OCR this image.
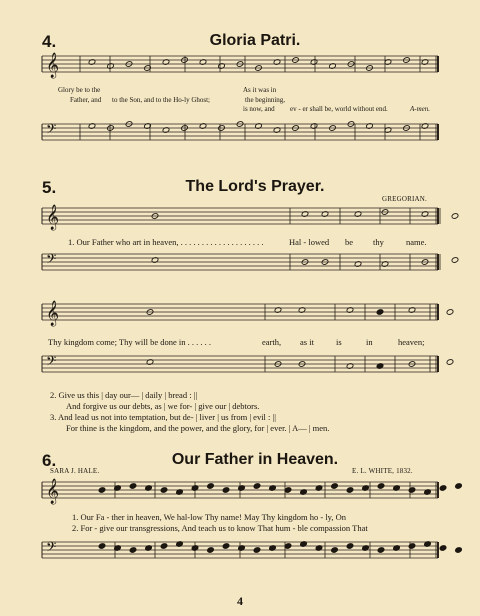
4.	Gloria Patri.
𝄞
Glory be to the
Father, and to the Son, and to the Ho-ly Ghost;
As it was in
the beginning,
is now, and ev - er shall be, world without end.	A-men.
𝄢
5.	The Lord's Prayer.
GREGORIAN.
𝄞
1. Our Father who art in heaven, . . . . . . . . . . . . . . . . . . . .	Hal - lowed be thy	name.
𝄢
𝄞
Thy kingdom come; Thy will be done in . . . . . .	earth, as it	is	in	heaven;
𝄢
2. Give us this | day our— | daily | bread : ||
And forgive us our debts, as | we for- | give our | debtors.
3. And lead us not into temptation, but de- | liver | us from | evil : ||
For thine is the kingdom, and the power, and the glory, for | ever. | A— | men.
6.	Our Father in Heaven.
SARA J. HALE.	E. L. WHITE, 1832.
𝄞
1. Our Fa - ther in heaven, We hal-low Thy name! May Thy kingdom ho - ly, On
2. For - give our transgressions, And teach us to know That hum - ble compassion That
𝄢
4
